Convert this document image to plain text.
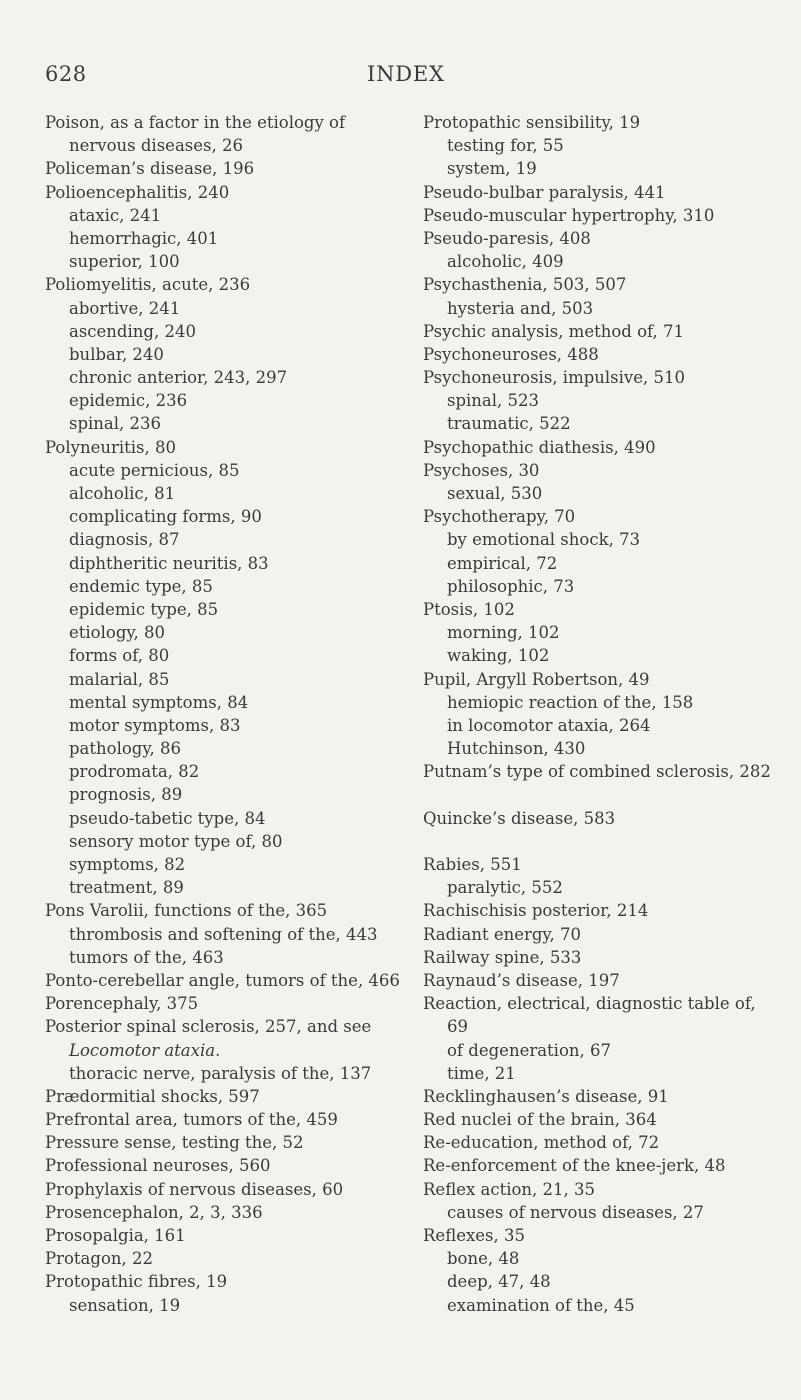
628	INDEX
Poison, as a factor in the etiology of
nervous diseases, 26
Policeman’s disease, 196
Polioencephalitis, 240
ataxic, 241
hemorrhagic, 401
superior, 100
Poliomyelitis, acute, 236
abortive, 241
ascending, 240
bulbar, 240
chronic anterior, 243, 297
epidemic, 236
spinal, 236
Polyneuritis, 80
acute pernicious, 85
alcoholic, 81
complicating forms, 90
diagnosis, 87
diphtheritic neuritis, 83
endemic type, 85
epidemic type, 85
etiology, 80
forms of, 80
malarial, 85
mental symptoms, 84
motor symptoms, 83
pathology, 86
prodromata, 82
prognosis, 89
pseudo-tabetic type, 84
sensory motor type of, 80
symptoms, 82
treatment, 89
Pons Varolii, functions of the, 365
thrombosis and softening of the, 443
tumors of the, 463
Ponto-cerebellar angle, tumors of the, 466
Porencephaly, 375
Posterior spinal sclerosis, 257, and see
Locomotor ataxia.
thoracic nerve, paralysis of the, 137
Prædormitial shocks, 597
Prefrontal area, tumors of the, 459
Pressure sense, testing the, 52
Professional neuroses, 560
Prophylaxis of nervous diseases, 60
Prosencephalon, 2, 3, 336
Prosopalgia, 161
Protagon, 22
Protopathic fibres, 19
sensation, 19
Protopathic sensibility, 19
testing for, 55
system, 19
Pseudo-bulbar paralysis, 441
Pseudo-muscular hypertrophy, 310
Pseudo-paresis, 408
alcoholic, 409
Psychasthenia, 503, 507
hysteria and, 503
Psychic analysis, method of, 71
Psychoneuroses, 488
Psychoneurosis, impulsive, 510
spinal, 523
traumatic, 522
Psychopathic diathesis, 490
Psychoses, 30
sexual, 530
Psychotherapy, 70
by emotional shock, 73
empirical, 72
philosophic, 73
Ptosis, 102
morning, 102
waking, 102
Pupil, Argyll Robertson, 49
hemiopic reaction of the, 158
in locomotor ataxia, 264
Hutchinson, 430
Putnam’s type of combined sclerosis, 282
Quincke’s disease, 583
Rabies, 551
paralytic, 552
Rachischisis posterior, 214
Radiant energy, 70
Railway spine, 533
Raynaud’s disease, 197
Reaction, electrical, diagnostic table of,
69
of degeneration, 67
time, 21
Recklinghausen’s disease, 91
Red nuclei of the brain, 364
Re-education, method of, 72
Re-enforcement of the knee-jerk, 48
Reflex action, 21, 35
causes of nervous diseases, 27
Reflexes, 35
bone, 48
deep, 47, 48
examination of the, 45
